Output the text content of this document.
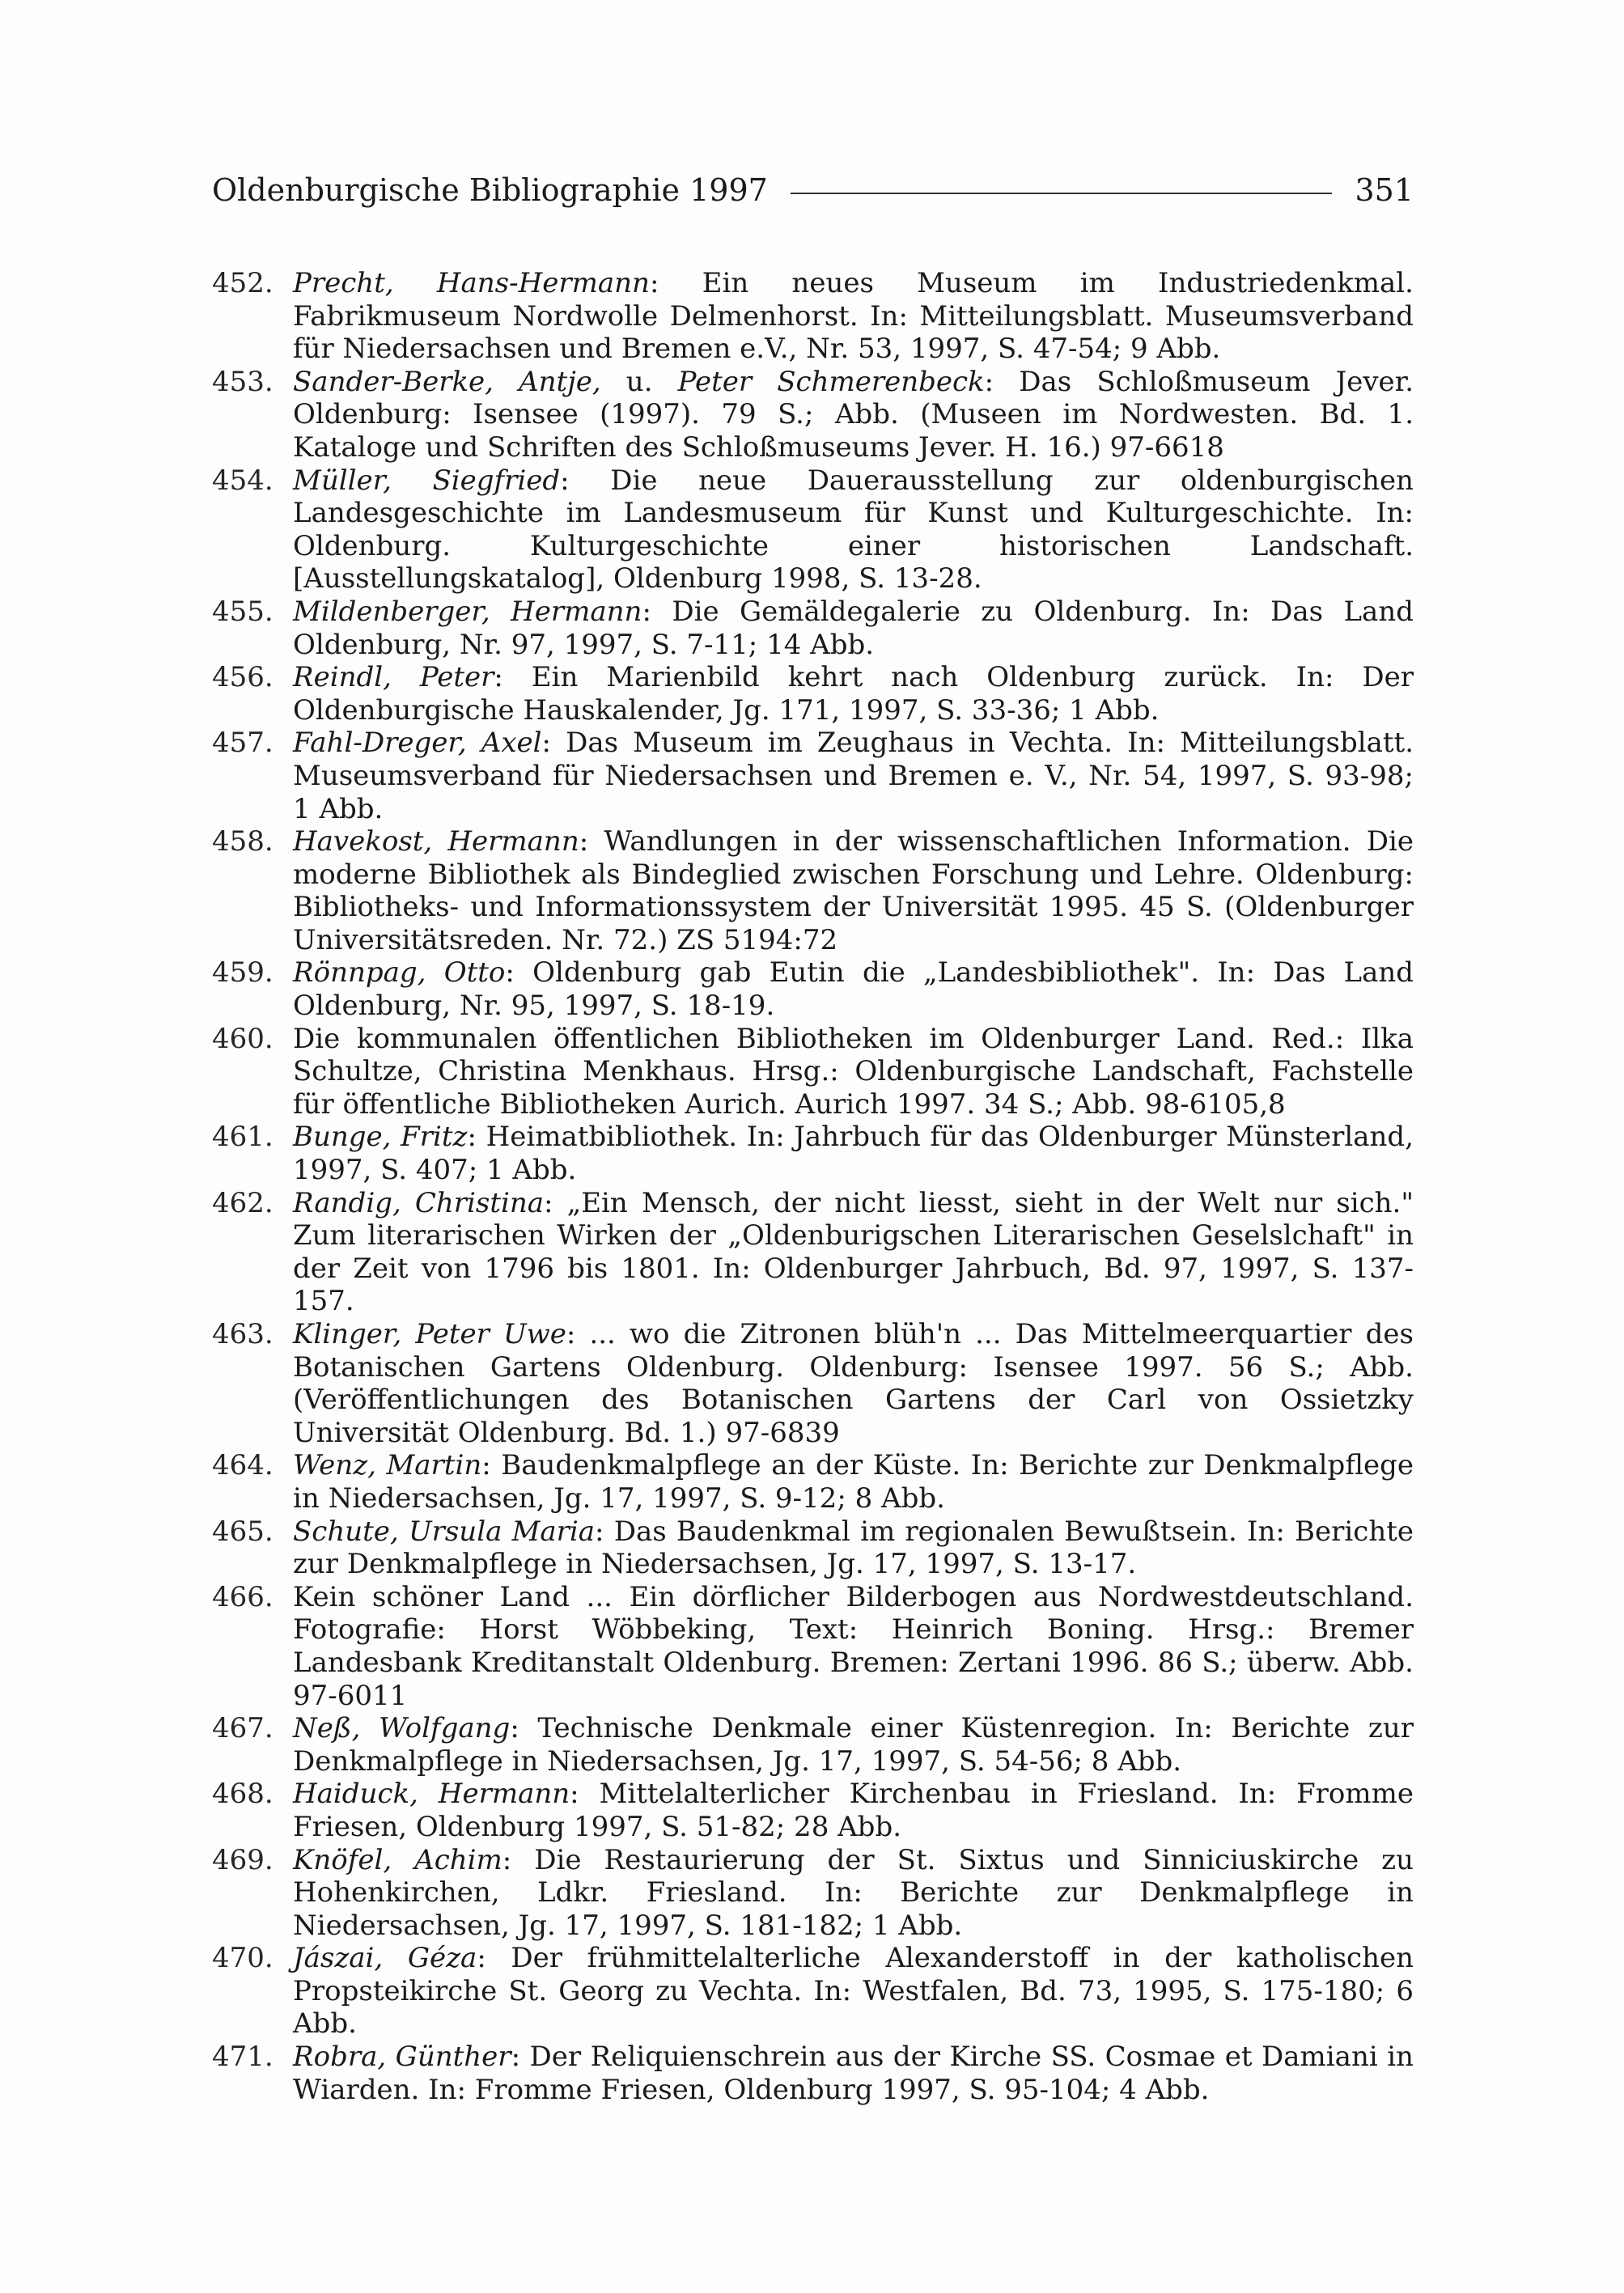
Oldenburgische Bibliographie 1997	351
452. Precht, Hans-Hermann: Ein neues Museum im Industriedenkmal. Fabrikmuseum Nordwolle Delmenhorst. In: Mitteilungsblatt. Museumsverband für Niedersachsen und Bremen e.V., Nr. 53, 1997, S. 47-54; 9 Abb.
453. Sander-Berke, Antje, u. Peter Schmerenbeck: Das Schloßmuseum Jever. Oldenburg: Isensee (1997). 79 S.; Abb. (Museen im Nordwesten. Bd. 1. Kataloge und Schriften des Schloßmuseums Jever. H. 16.) 97-6618
454. Müller, Siegfried: Die neue Dauerausstellung zur oldenburgischen Landesgeschichte im Landesmuseum für Kunst und Kulturgeschichte. In: Oldenburg. Kulturgeschichte einer historischen Landschaft. [Ausstellungskatalog], Oldenburg 1998, S. 13-28.
455. Mildenberger, Hermann: Die Gemäldegalerie zu Oldenburg. In: Das Land Oldenburg, Nr. 97, 1997, S. 7-11; 14 Abb.
456. Reindl, Peter: Ein Marienbild kehrt nach Oldenburg zurück. In: Der Oldenburgische Hauskalender, Jg. 171, 1997, S. 33-36; 1 Abb.
457. Fahl-Dreger, Axel: Das Museum im Zeughaus in Vechta. In: Mitteilungsblatt. Museumsverband für Niedersachsen und Bremen e. V., Nr. 54, 1997, S. 93-98; 1 Abb.
458. Havekost, Hermann: Wandlungen in der wissenschaftlichen Information. Die moderne Bibliothek als Bindeglied zwischen Forschung und Lehre. Oldenburg: Bibliotheks- und Informationssystem der Universität 1995. 45 S. (Oldenburger Universitätsreden. Nr. 72.) ZS 5194:72
459. Rönnpag, Otto: Oldenburg gab Eutin die „Landesbibliothek". In: Das Land Oldenburg, Nr. 95, 1997, S. 18-19.
460. Die kommunalen öffentlichen Bibliotheken im Oldenburger Land. Red.: Ilka Schultze, Christina Menkhaus. Hrsg.: Oldenburgische Landschaft, Fachstelle für öffentliche Bibliotheken Aurich. Aurich 1997. 34 S.; Abb. 98-6105,8
461. Bunge, Fritz: Heimatbibliothek. In: Jahrbuch für das Oldenburger Münsterland, 1997, S. 407; 1 Abb.
462. Randig, Christina: „Ein Mensch, der nicht liesst, sieht in der Welt nur sich." Zum literarischen Wirken der „Oldenburigschen Literarischen Geselslchaft" in der Zeit von 1796 bis 1801. In: Oldenburger Jahrbuch, Bd. 97, 1997, S. 137-157.
463. Klinger, Peter Uwe: ... wo die Zitronen blüh'n ... Das Mittelmeerquartier des Botanischen Gartens Oldenburg. Oldenburg: Isensee 1997. 56 S.; Abb. (Veröffentlichungen des Botanischen Gartens der Carl von Ossietzky Universität Oldenburg. Bd. 1.) 97-6839
464. Wenz, Martin: Baudenkmalpflege an der Küste. In: Berichte zur Denkmalpflege in Niedersachsen, Jg. 17, 1997, S. 9-12; 8 Abb.
465. Schute, Ursula Maria: Das Baudenkmal im regionalen Bewußtsein. In: Berichte zur Denkmalpflege in Niedersachsen, Jg. 17, 1997, S. 13-17.
466. Kein schöner Land ... Ein dörflicher Bilderbogen aus Nordwestdeutschland. Fotografie: Horst Wöbbeking, Text: Heinrich Boning. Hrsg.: Bremer Landesbank Kreditanstalt Oldenburg. Bremen: Zertani 1996. 86 S.; überw. Abb. 97-6011
467. Neß, Wolfgang: Technische Denkmale einer Küstenregion. In: Berichte zur Denkmalpflege in Niedersachsen, Jg. 17, 1997, S. 54-56; 8 Abb.
468. Haiduck, Hermann: Mittelalterlicher Kirchenbau in Friesland. In: Fromme Friesen, Oldenburg 1997, S. 51-82; 28 Abb.
469. Knöfel, Achim: Die Restaurierung der St. Sixtus und Sinniciuskirche zu Hohenkirchen, Ldkr. Friesland. In: Berichte zur Denkmalpflege in Niedersachsen, Jg. 17, 1997, S. 181-182; 1 Abb.
470. Jászai, Géza: Der frühmittelalterliche Alexanderstoff in der katholischen Propsteikirche St. Georg zu Vechta. In: Westfalen, Bd. 73, 1995, S. 175-180; 6 Abb.
471. Robra, Günther: Der Reliquienschrein aus der Kirche SS. Cosmae et Damiani in Wiarden. In: Fromme Friesen, Oldenburg 1997, S. 95-104; 4 Abb.
